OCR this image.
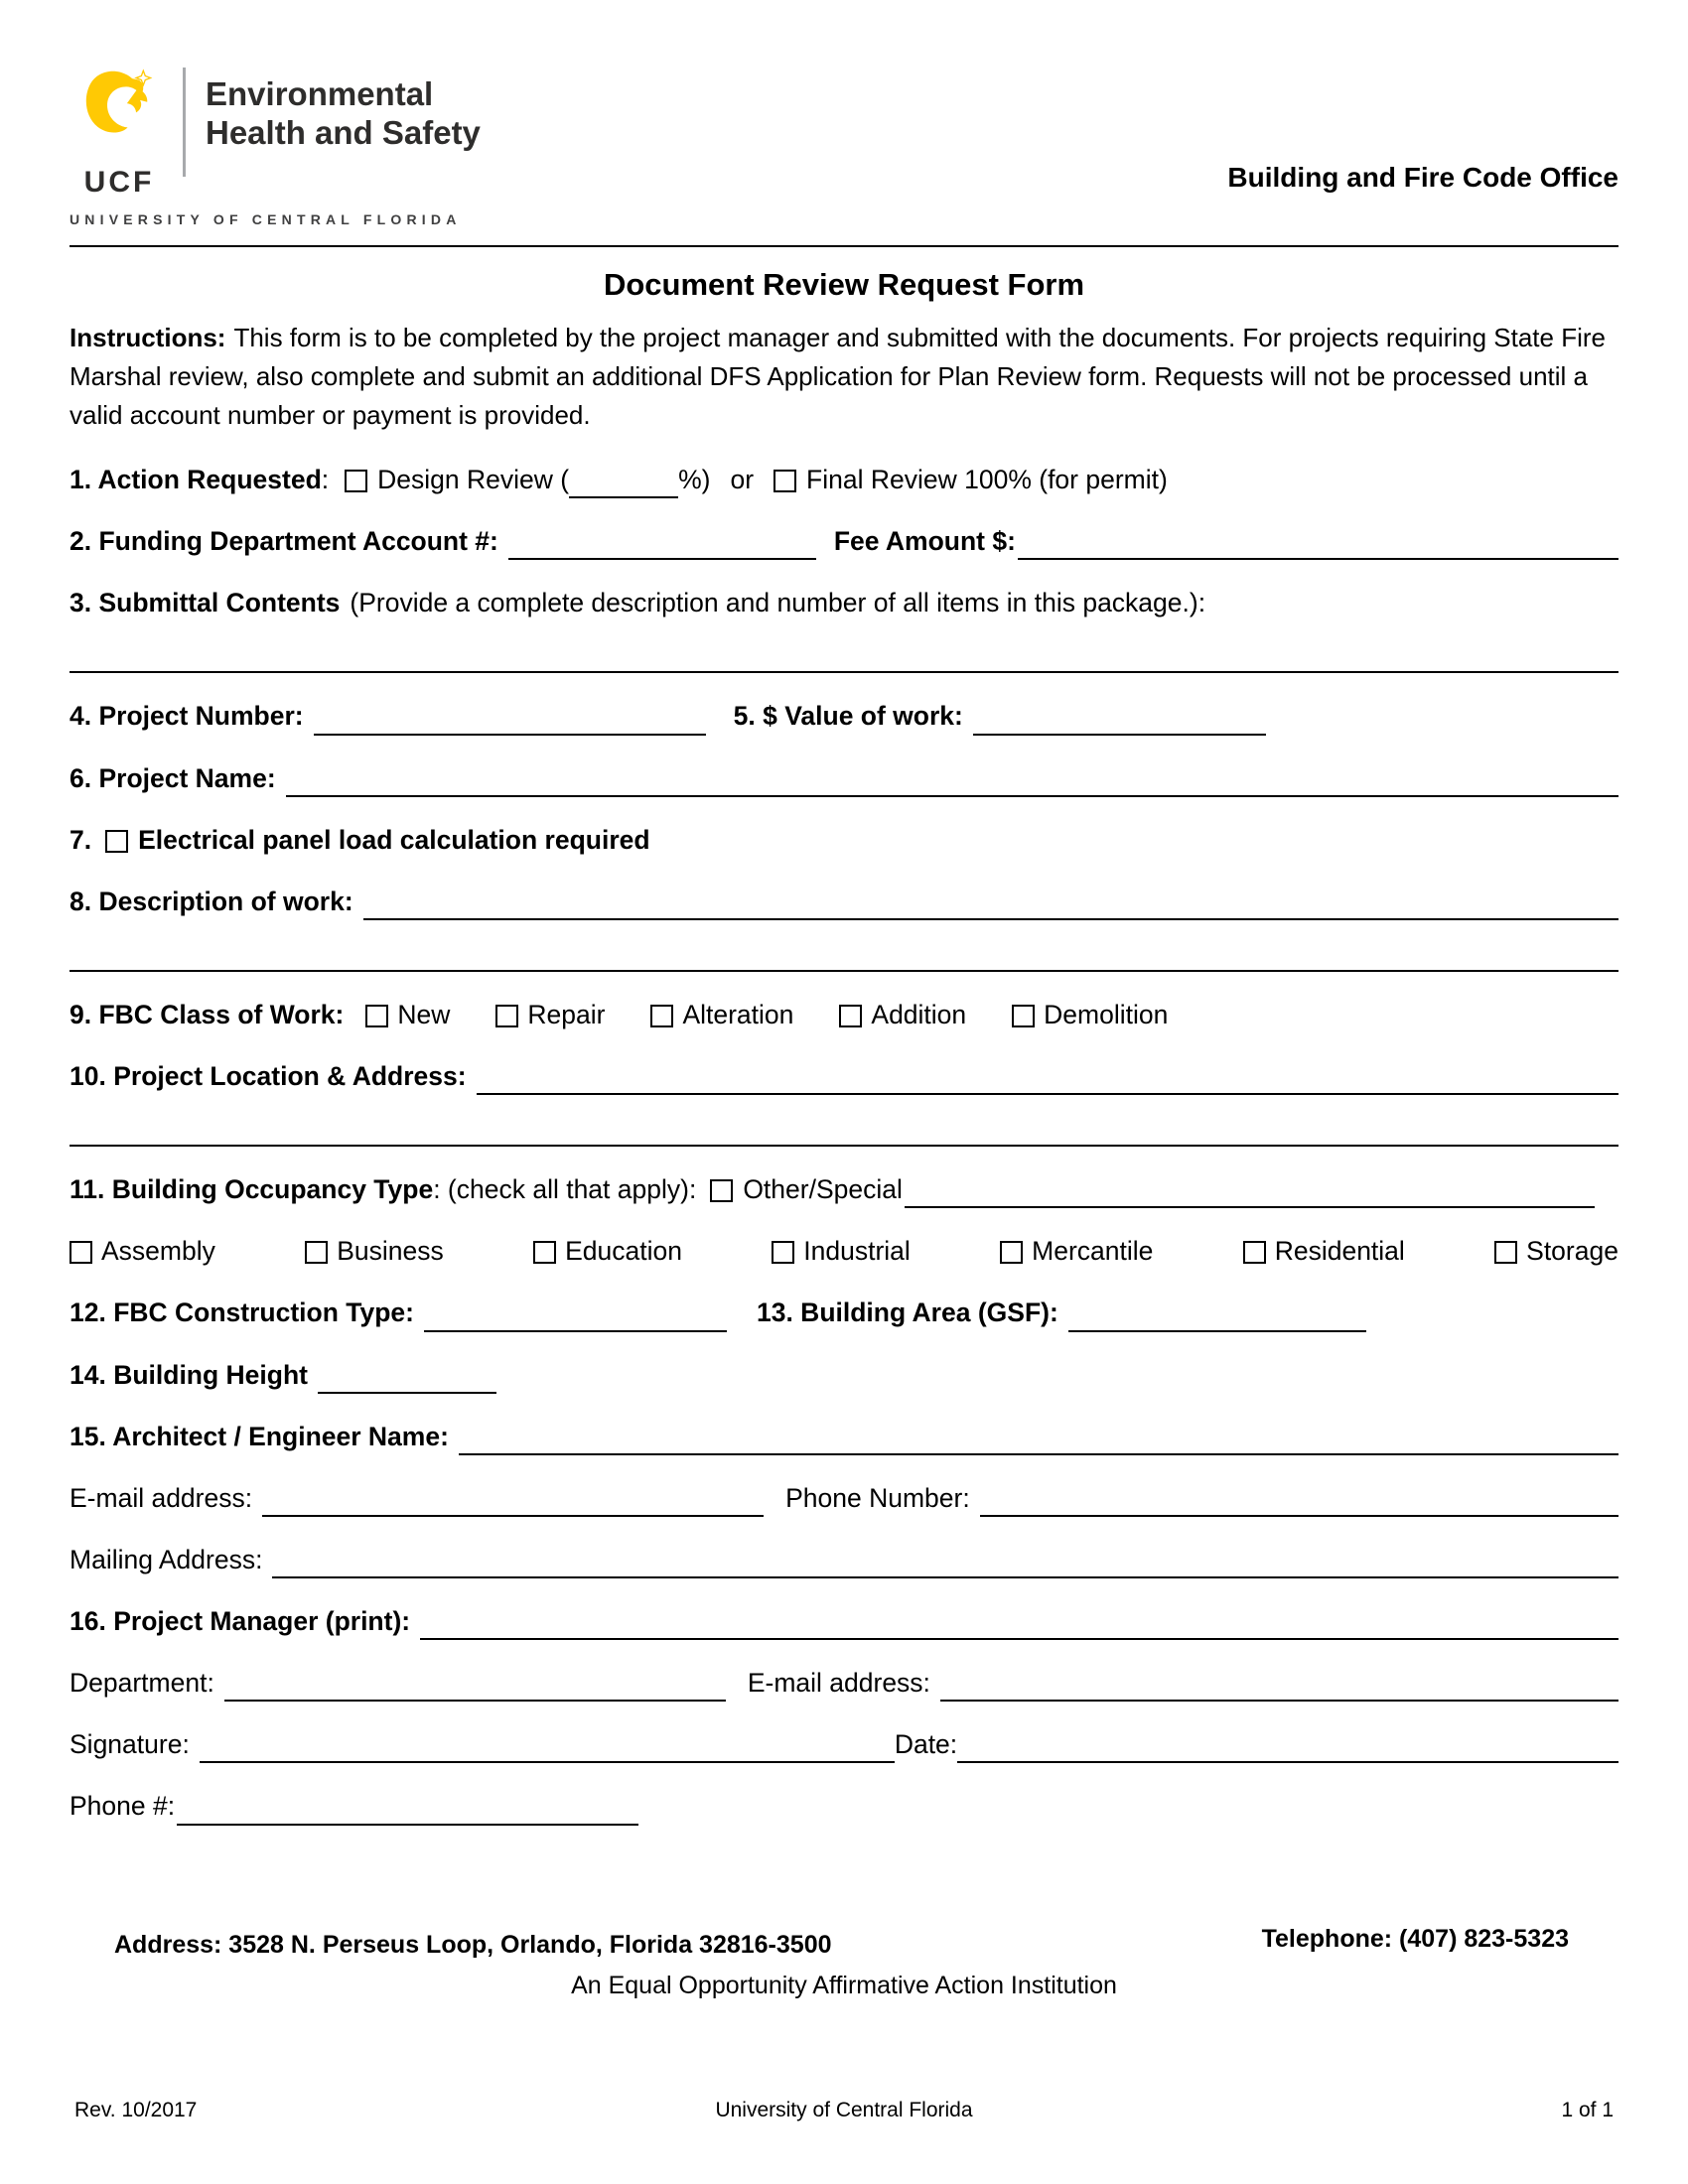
UCF
Environmental
Health and Safety
UNIVERSITY OF CENTRAL FLORIDA
Building and Fire Code Office
Document Review Request Form
Instructions: This form is to be completed by the project manager and submitted with the documents. For projects requiring State Fire Marshal review, also complete and submit an additional DFS Application for Plan Review form. Requests will not be processed until a valid account number or payment is provided.
1. Action Requested : Design Review (	%) or Final Review 100% (for permit)
2. Funding Department Account #:	Fee Amount $:
3. Submittal Contents (Provide a complete description and number of all items in this package.):
4. Project Number:	5. $ Value of work:
6. Project Name:
7. Electrical panel load calculation required
8. Description of work:
9. FBC Class of Work: New	Repair	Alteration	Addition	Demolition
10. Project Location & Address:
11. Building Occupancy Type : (check all that apply): Other/Special
Assembly	Business	Education	Industrial	Mercantile	Residential	Storage
12. FBC Construction Type:	13. Building Area (GSF):
14. Building Height
15. Architect / Engineer Name:
E-mail address:	Phone Number:
Mailing Address:
16. Project Manager (print):
Department:	E-mail address:
Signature:	Date:
Phone #:
Address: 3528 N. Perseus Loop, Orlando, Florida 32816-3500	Telephone: (407) 823-5323
An Equal Opportunity Affirmative Action Institution
Rev. 10/2017	University of Central Florida	1 of 1
